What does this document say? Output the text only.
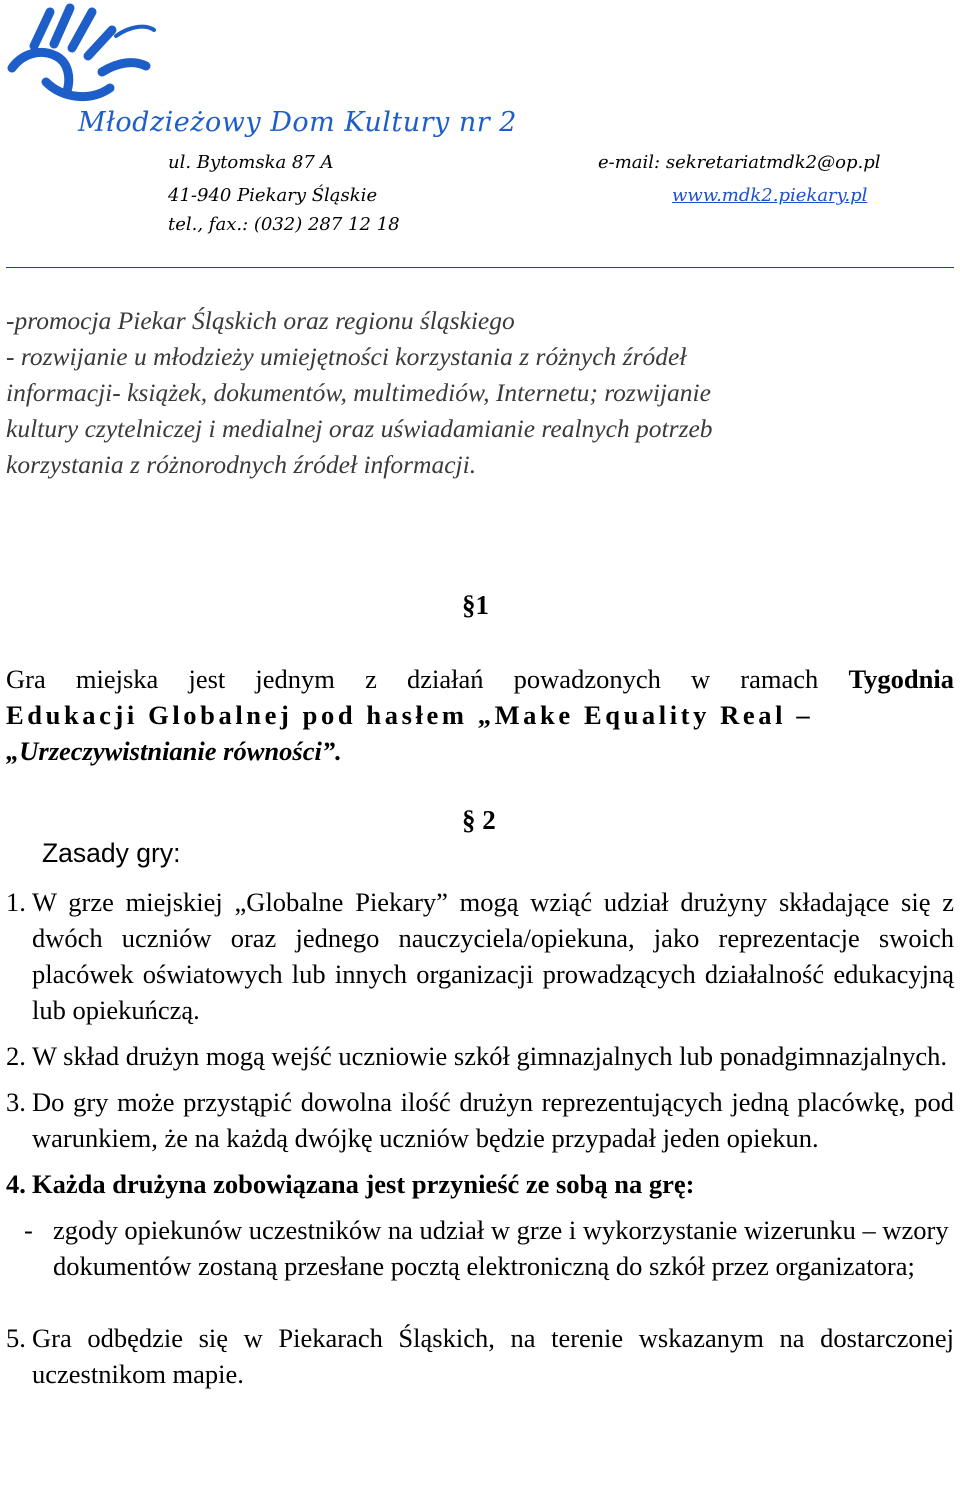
Młodzieżowy Dom Kultury nr 2
ul. Bytomska 87 A
41-940 Piekary Śląskie
tel., fax.: (032) 287 12 18
e-mail: sekretariatmdk2@op.pl
www.mdk2.piekary.pl

-promocja Piekar Śląskich oraz regionu śląskiego

- rozwijanie u młodzieży umiejętności korzystania z różnych źródeł

informacji- książek, dokumentów, multimediów, Internetu; rozwijanie

kultury czytelniczej i medialnej oraz uświadamianie realnych potrzeb

korzystania z różnorodnych źródeł informacji.

§1
Gra miejska jest jednym z działań powadzonych w ramach Tygodnia
Edukacji Globalnej pod hasłem „Make Equality Real –
„Urzeczywistnianie równości”.
§ 2
Zasady gry:
1. W grze miejskiej „Globalne Piekary” mogą wziąć udział drużyny składające się z dwóch uczniów oraz jednego nauczyciela/opiekuna, jako reprezentacje swoich placówek oświatowych lub innych organizacji prowadzących działalność edukacyjną lub opiekuńczą.
2. W skład drużyn mogą wejść uczniowie szkół gimnazjalnych lub ponadgimnazjalnych.
3. Do gry może przystąpić dowolna ilość drużyn reprezentujących jedną placówkę, pod warunkiem, że na każdą dwójkę uczniów będzie przypadał jeden opiekun.
4. Każda drużyna zobowiązana jest przynieść ze sobą na grę:
- zgody opiekunów uczestników na udział w grze i wykorzystanie wizerunku – wzory dokumentów zostaną przesłane pocztą elektroniczną do szkół przez organizatora;
5. Gra odbędzie się w Piekarach Śląskich, na terenie wskazanym na dostarczonej uczestnikom mapie.
